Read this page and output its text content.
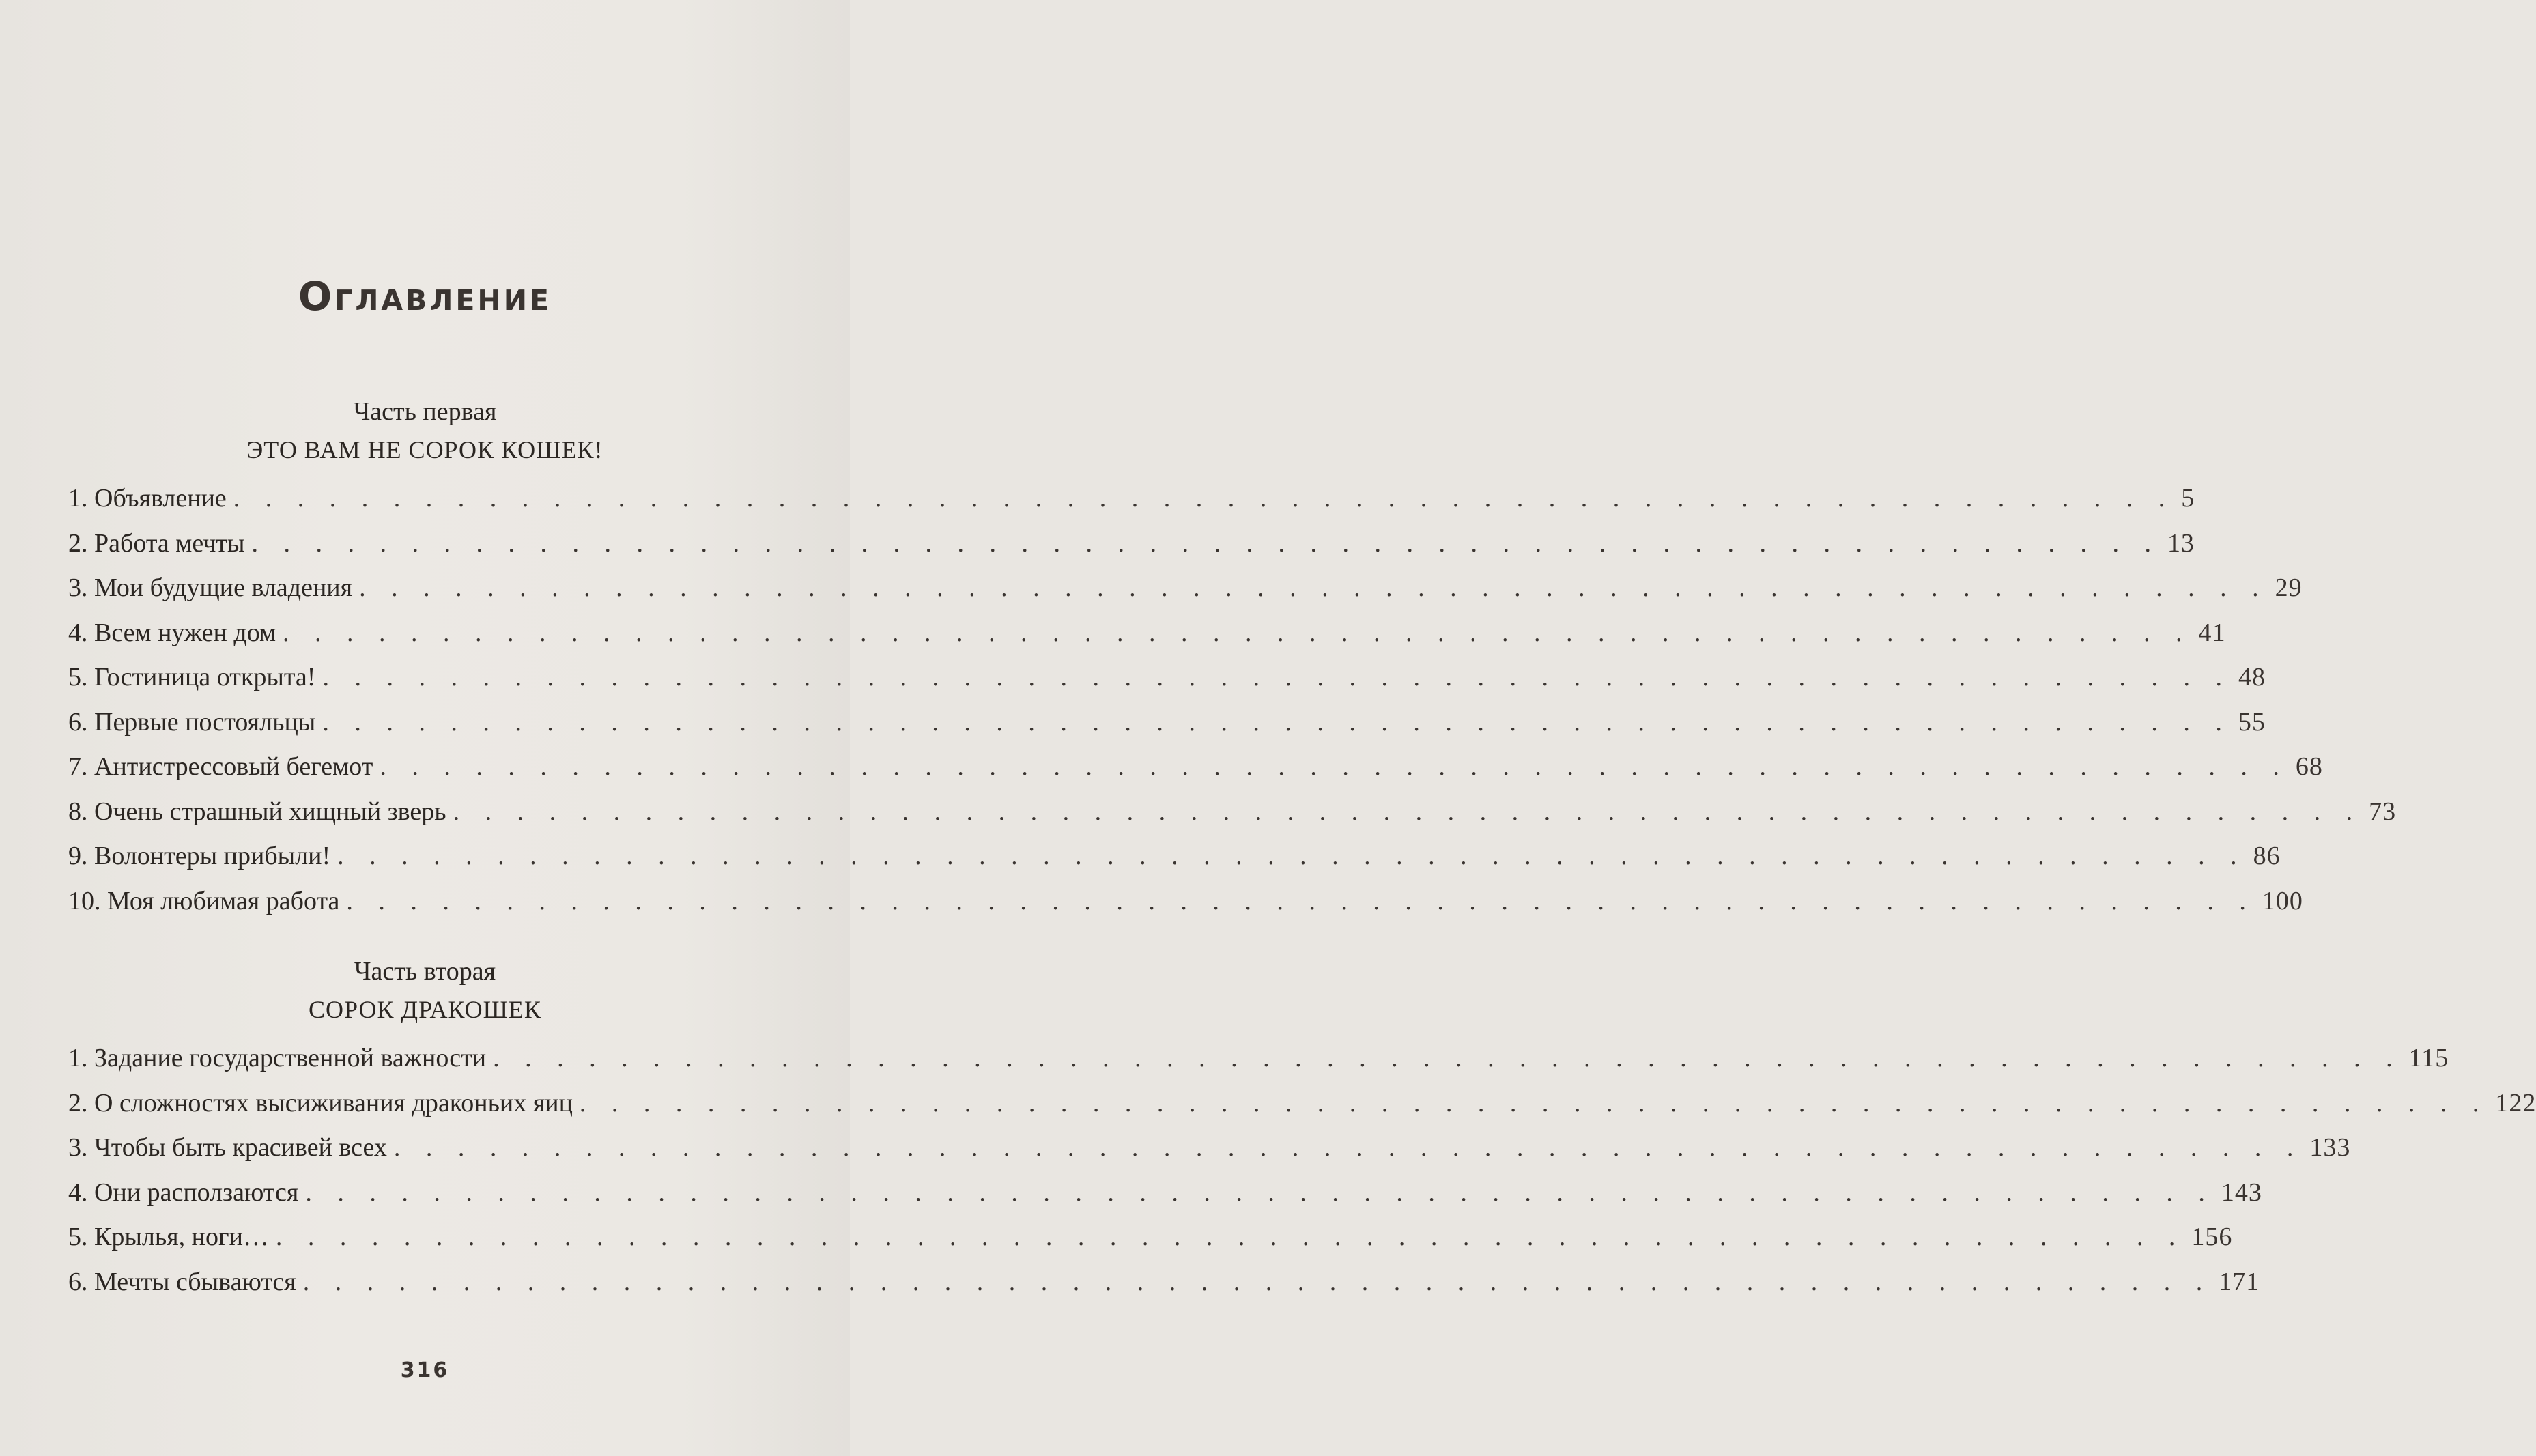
Оглавление
Часть первая
ЭТО ВАМ НЕ СОРОК КОШЕК!
1. Объявление . . . . . . . . . . . . . . . . . . . . . . . . . . . . . . . . . . . . . . . . . . . . . . . . . . . . . . . . . . . . . 5
2. Работа мечты . . . . . . . . . . . . . . . . . . . . . . . . . . . . . . . . . . . . . . . . . . . . . . . . . . . . . . . . . . . . 13
3. Мои будущие владения . . . . . . . . . . . . . . . . . . . . . . . . . . . . . . . . . . . . . . . . . . . . . . . . . . . . . . . . . . . . 29
4. Всем нужен дом . . . . . . . . . . . . . . . . . . . . . . . . . . . . . . . . . . . . . . . . . . . . . . . . . . . . . . . . . . . . 41
5. Гостиница открыта! . . . . . . . . . . . . . . . . . . . . . . . . . . . . . . . . . . . . . . . . . . . . . . . . . . . . . . . . . . . . 48
6. Первые постояльцы . . . . . . . . . . . . . . . . . . . . . . . . . . . . . . . . . . . . . . . . . . . . . . . . . . . . . . . . . . . . 55
7. Антистрессовый бегемот . . . . . . . . . . . . . . . . . . . . . . . . . . . . . . . . . . . . . . . . . . . . . . . . . . . . . . . . . . . . 68
8. Очень страшный хищный зверь . . . . . . . . . . . . . . . . . . . . . . . . . . . . . . . . . . . . . . . . . . . . . . . . . . . . . . . . . . . . 73
9. Волонтеры прибыли! . . . . . . . . . . . . . . . . . . . . . . . . . . . . . . . . . . . . . . . . . . . . . . . . . . . . . . . . . . . . 86
10. Моя любимая работа . . . . . . . . . . . . . . . . . . . . . . . . . . . . . . . . . . . . . . . . . . . . . . . . . . . . . . . . . . . . 100
Часть вторая
СОРОК ДРАКОШЕК
1. Задание государственной важности . . . . . . . . . . . . . . . . . . . . . . . . . . . . . . . . . . . . . . . . . . . . . . . . . . . . . . . . . . . . 115
2. О сложностях высиживания драконьих яиц . . . . . . . . . . . . . . . . . . . . . . . . . . . . . . . . . . . . . . . . . . . . . . . . . . . . . . . . . . . . 122
3. Чтобы быть красивей всех . . . . . . . . . . . . . . . . . . . . . . . . . . . . . . . . . . . . . . . . . . . . . . . . . . . . . . . . . . . . 133
4. Они расползаются . . . . . . . . . . . . . . . . . . . . . . . . . . . . . . . . . . . . . . . . . . . . . . . . . . . . . . . . . . . . 143
5. Крылья, ноги… . . . . . . . . . . . . . . . . . . . . . . . . . . . . . . . . . . . . . . . . . . . . . . . . . . . . . . . . . . . . 156
6. Мечты сбываются . . . . . . . . . . . . . . . . . . . . . . . . . . . . . . . . . . . . . . . . . . . . . . . . . . . . . . . . . . . . 171
316
